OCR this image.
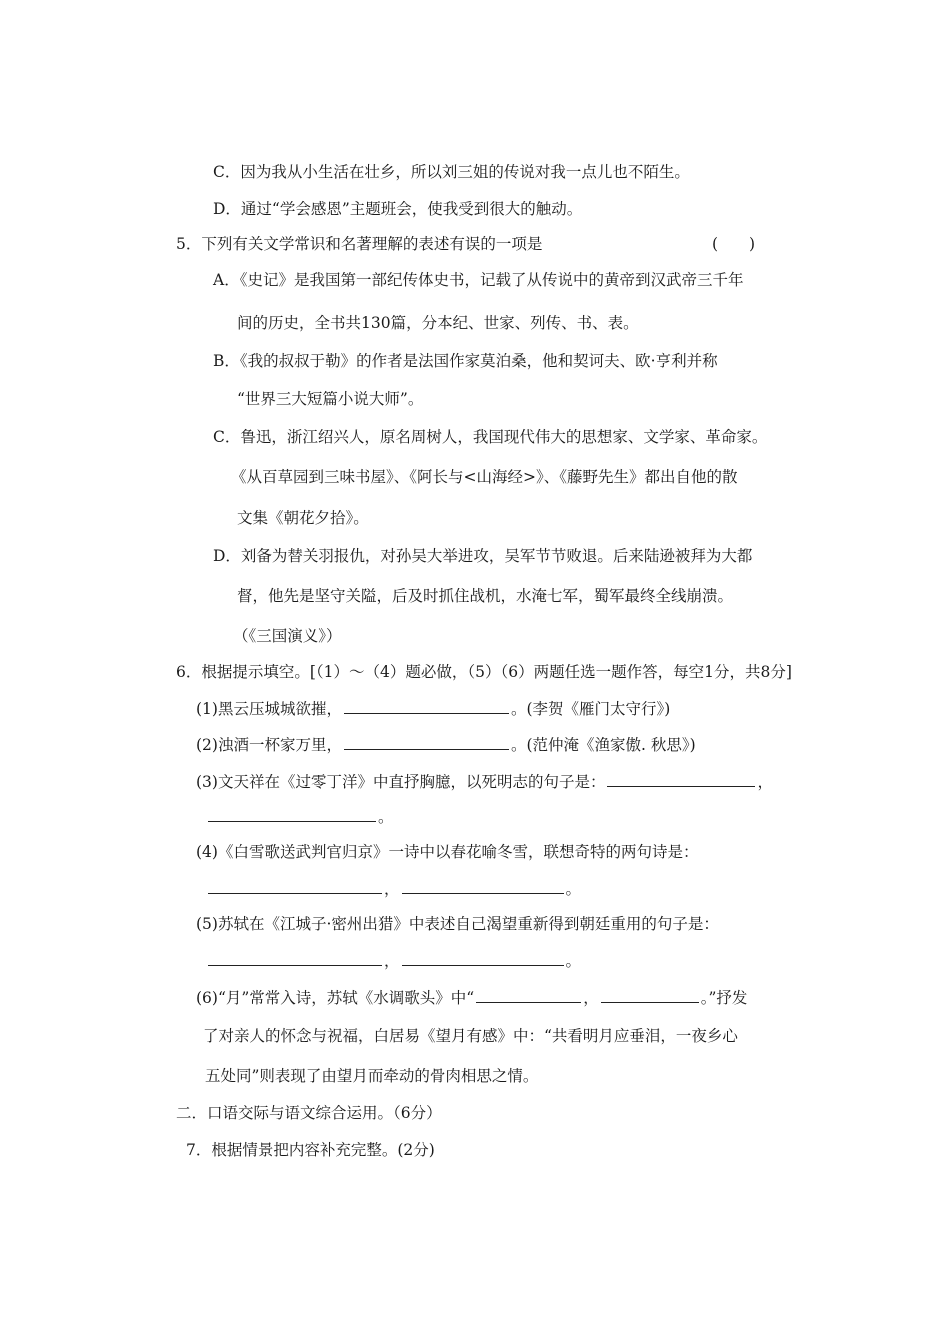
C．因为我从小生活在壮乡，所以刘三姐的传说对我一点儿也不陌生。
D．通过“学会感恩”主题班会，使我受到很大的触动。
5．下列有关文学常识和名著理解的表述有误的一项是	(　　)
A．《史记》是我国第一部纪传体史书，记载了从传说中的黄帝到汉武帝三千年
间的历史，全书共130篇，分本纪、世家、列传、书、表。
B．《我的叔叔于勒》的作者是法国作家莫泊桑，他和契诃夫、欧·亨利并称
“世界三大短篇小说大师”。
C．鲁迅，浙江绍兴人，原名周树人，我国现代伟大的思想家、文学家、革命家。
《从百草园到三味书屋》、《阿长与<山海经>》、《藤野先生》都出自他的散
文集《朝花夕拾》。
D．刘备为替关羽报仇，对孙吴大举进攻，吴军节节败退。后来陆逊被拜为大都
督，他先是坚守关隘，后及时抓住战机，水淹七军，蜀军最终全线崩溃。
（《三国演义》）
6．根据提示填空。[（1）～（4）题必做，（5）（6）两题任选一题作答，每空1分，共8分]
(1)黑云压城城欲摧，	。(李贺《雁门太守行》)
(2)浊酒一杯家万里，	。(范仲淹《渔家傲. 秋思》)
(3)文天祥在《过零丁洋》中直抒胸臆，以死明志的句子是：	，
。
(4)《白雪歌送武判官归京》一诗中以春花喻冬雪，联想奇特的两句诗是：
，	。
(5)苏轼在《江城子·密州出猎》中表述自己渴望重新得到朝廷重用的句子是：
，	。
(6)“月”常常入诗，苏轼《水调歌头》中“	，	。”抒发
了对亲人的怀念与祝福，白居易《望月有感》中：“共看明月应垂泪，一夜乡心
五处同”则表现了由望月而牵动的骨肉相思之情。
二．口语交际与语文综合运用。（6分）
7．根据情景把内容补充完整。(2分)
